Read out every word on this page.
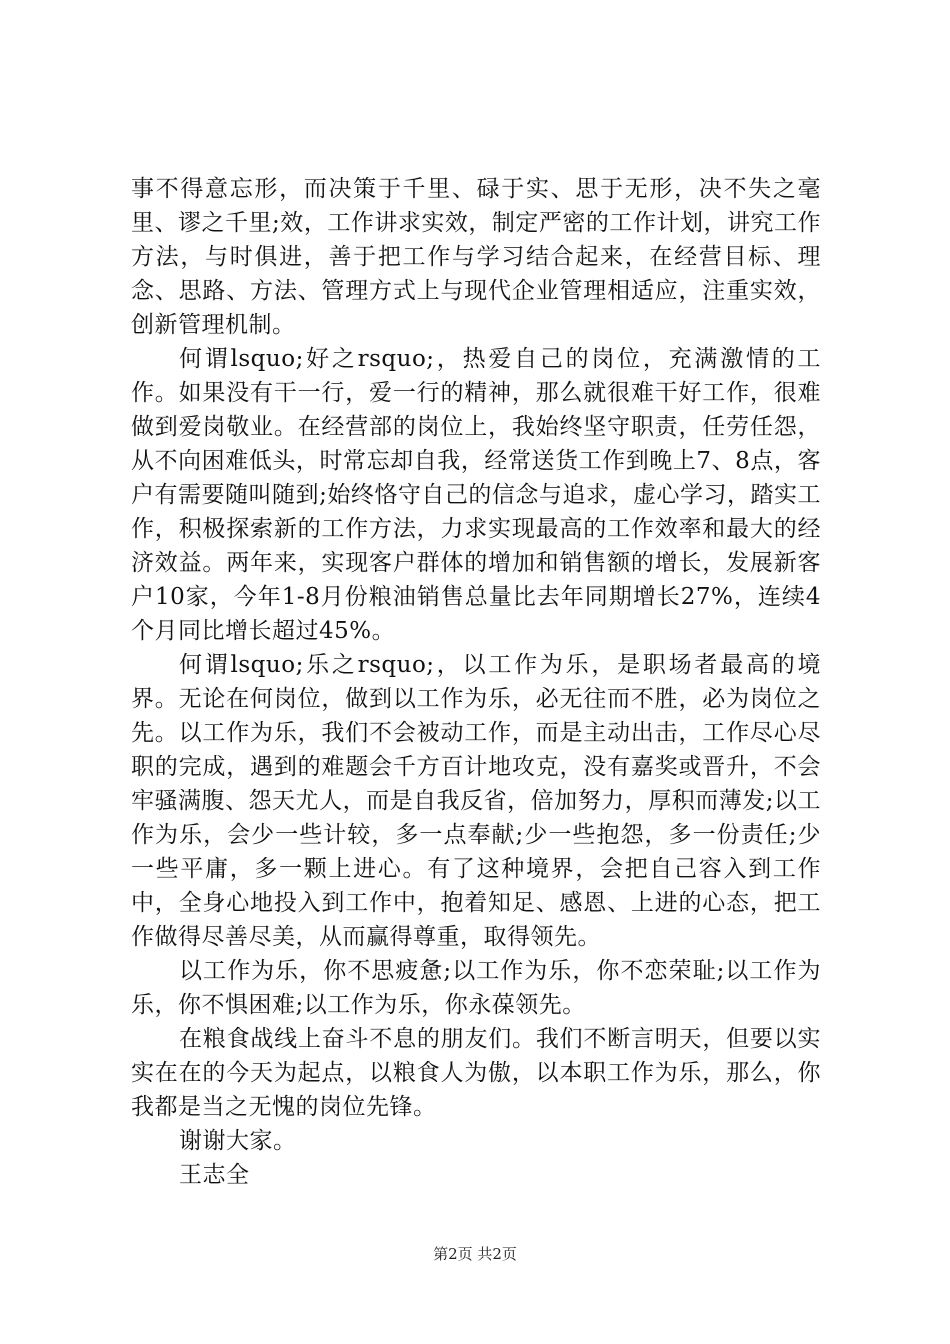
事不得意忘形，而决策于千里、碌于实、思于无形，决不失之毫里、谬之千里;效，工作讲求实效，制定严密的工作计划，讲究工作方法，与时俱进，善于把工作与学习结合起来，在经营目标、理念、思路、方法、管理方式上与现代企业管理相适应，注重实效，创新管理机制。

何谓lsquo;好之rsquo;，热爱自己的岗位，充满激情的工作。如果没有干一行，爱一行的精神，那么就很难干好工作，很难做到爱岗敬业。在经营部的岗位上，我始终坚守职责，任劳任怨，从不向困难低头，时常忘却自我，经常送货工作到晚上7、8点，客户有需要随叫随到;始终恪守自己的信念与追求，虚心学习，踏实工作，积极探索新的工作方法，力求实现最高的工作效率和最大的经济效益。两年来，实现客户群体的增加和销售额的增长，发展新客户10家，今年1-8月份粮油销售总量比去年同期增长27%，连续4个月同比增长超过45%。

何谓lsquo;乐之rsquo;，以工作为乐，是职场者最高的境界。无论在何岗位，做到以工作为乐，必无往而不胜，必为岗位之先。以工作为乐，我们不会被动工作，而是主动出击，工作尽心尽职的完成，遇到的难题会千方百计地攻克，没有嘉奖或晋升，不会牢骚满腹、怨天尤人，而是自我反省，倍加努力，厚积而薄发;以工作为乐，会少一些计较，多一点奉献;少一些抱怨，多一份责任;少一些平庸，多一颗上进心。有了这种境界，会把自己容入到工作中，全身心地投入到工作中，抱着知足、感恩、上进的心态，把工作做得尽善尽美，从而赢得尊重，取得领先。

以工作为乐，你不思疲惫;以工作为乐，你不恋荣耻;以工作为乐，你不惧困难;以工作为乐，你永葆领先。

在粮食战线上奋斗不息的朋友们。我们不断言明天，但要以实实在在的今天为起点，以粮食人为傲，以本职工作为乐，那么，你我都是当之无愧的岗位先锋。

谢谢大家。

王志全

第2页 共2页
